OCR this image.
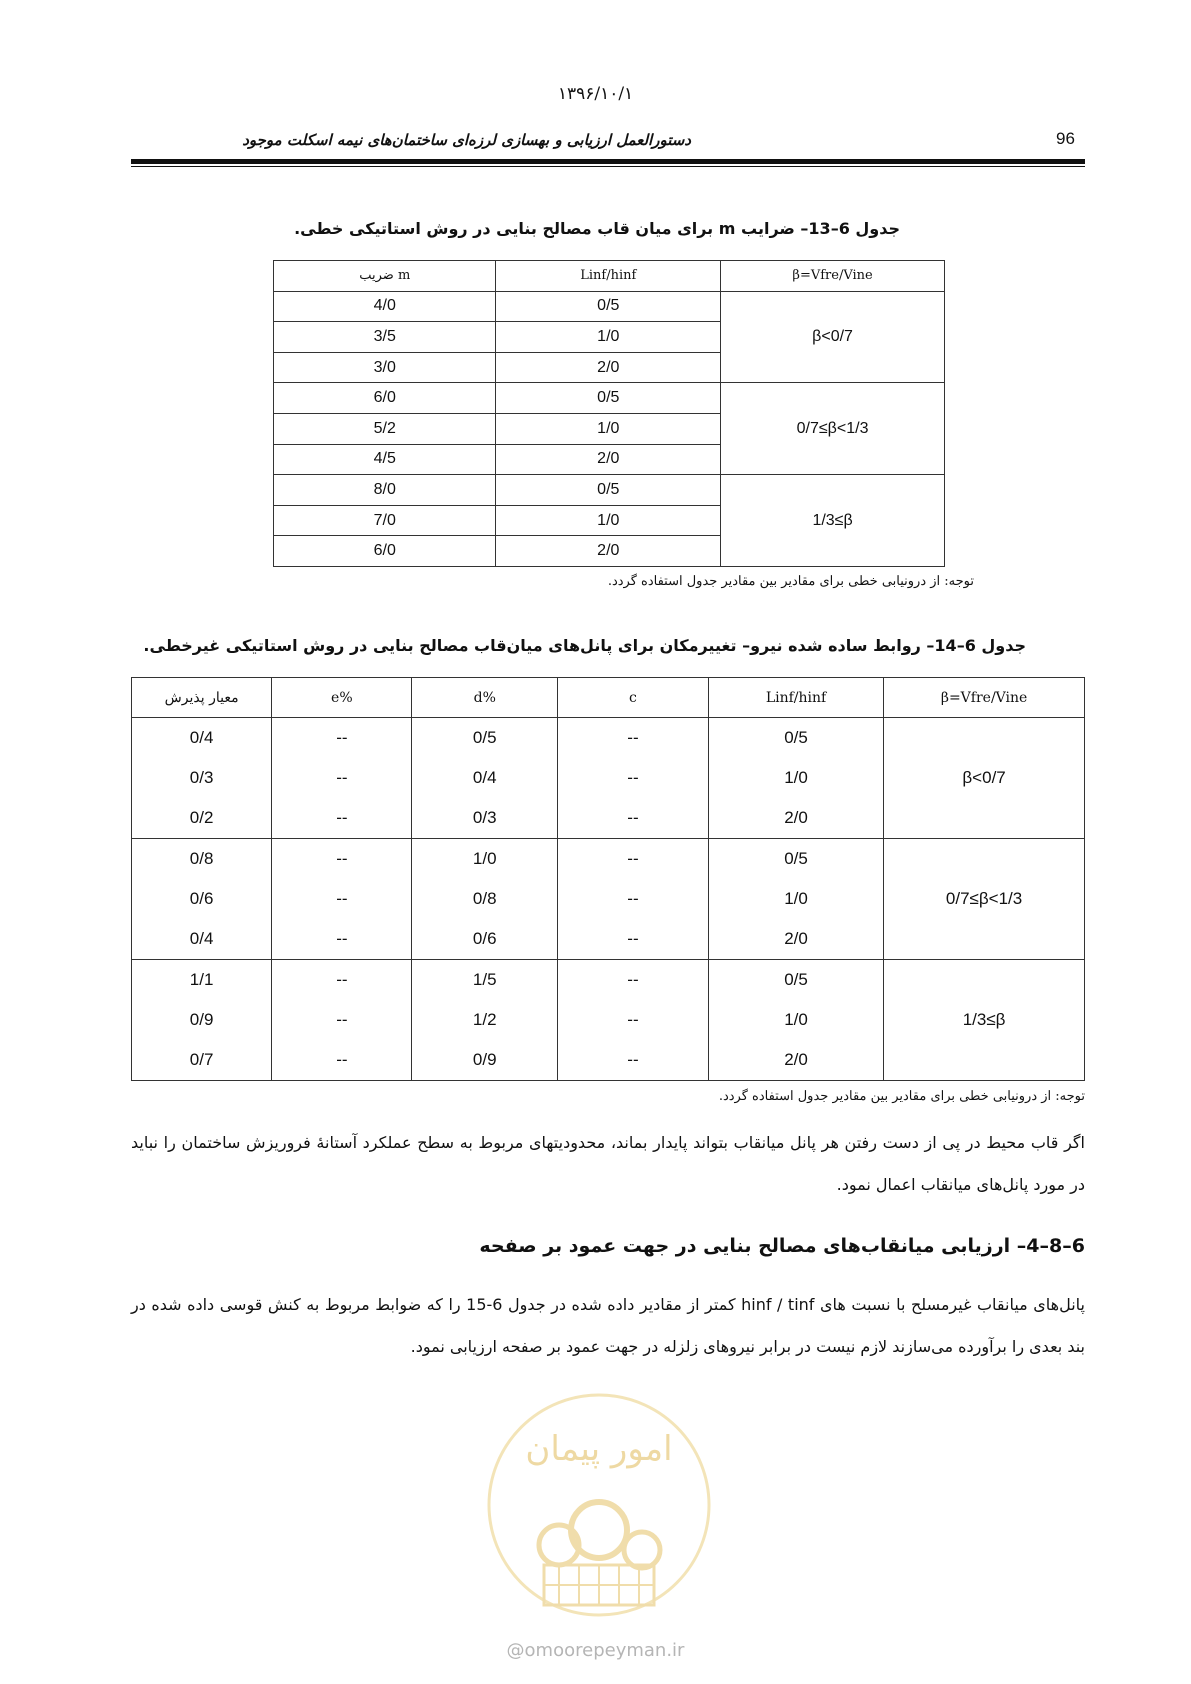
۱۳۹۶/۱۰/۱
دستورالعمل ارزیابی و بهسازی لرزه‌ای ساختمان‌های نیمه اسکلت موجود	96
جدول 6–13– ضرایب m برای میان قاب مصالح بنایی در روش استاتیکی خطی.
ضریب m	Linf/hinf	β=Vfre/Vine
4/0	0/5	β<0/7
3/5	1/0	
3/0	2/0	
6/0	0/5	0/7≤β<1/3
5/2	1/0	
4/5	2/0	
8/0	0/5	1/3≤β
7/0	1/0	
6/0	2/0	
توجه: از درونیابی خطی برای مقادیر بین مقادیر جدول استفاده گردد.
جدول 6–14– روابط ساده شده نیرو– تغییرمکان برای پانل‌های میان‌قاب مصالح بنایی در روش استاتیکی غیرخطی.
معیار پذیرش	e%	d%	c	Linf/hinf	β=Vfre/Vine
0/4	--	0/5	--	0/5	β<0/7
0/3	--	0/4	--	1/0	
0/2	--	0/3	--	2/0	
0/8	--	1/0	--	0/5	0/7≤β<1/3
0/6	--	0/8	--	1/0	
0/4	--	0/6	--	2/0	
1/1	--	1/5	--	0/5	1/3≤β
0/9	--	1/2	--	1/0	
0/7	--	0/9	--	2/0	
توجه: از درونیابی خطی برای مقادیر بین مقادیر جدول استفاده گردد.
اگر قاب محیط در پی از دست رفتن هر پانل میانقاب بتواند پایدار بماند، محدودیتهای مربوط به سطح عملکرد آستانهٔ فروریزش ساختمان را نباید در مورد پانل‌های میانقاب اعمال نمود.
6–8–4– ارزیابی میانقاب‌های مصالح بنایی در جهت عمود بر صفحه
پانل‌های میانقاب غیرمسلح با نسبت های hinf / tinf کمتر از مقادیر داده شده در جدول 6-15 را که ضوابط مربوط به کنش قوسی داده شده در بند بعدی را برآورده می‌سازند لازم نیست در برابر نیروهای زلزله در جهت عمود بر صفحه ارزیابی نمود.
امور پیمان
@omoorepeyman.ir
